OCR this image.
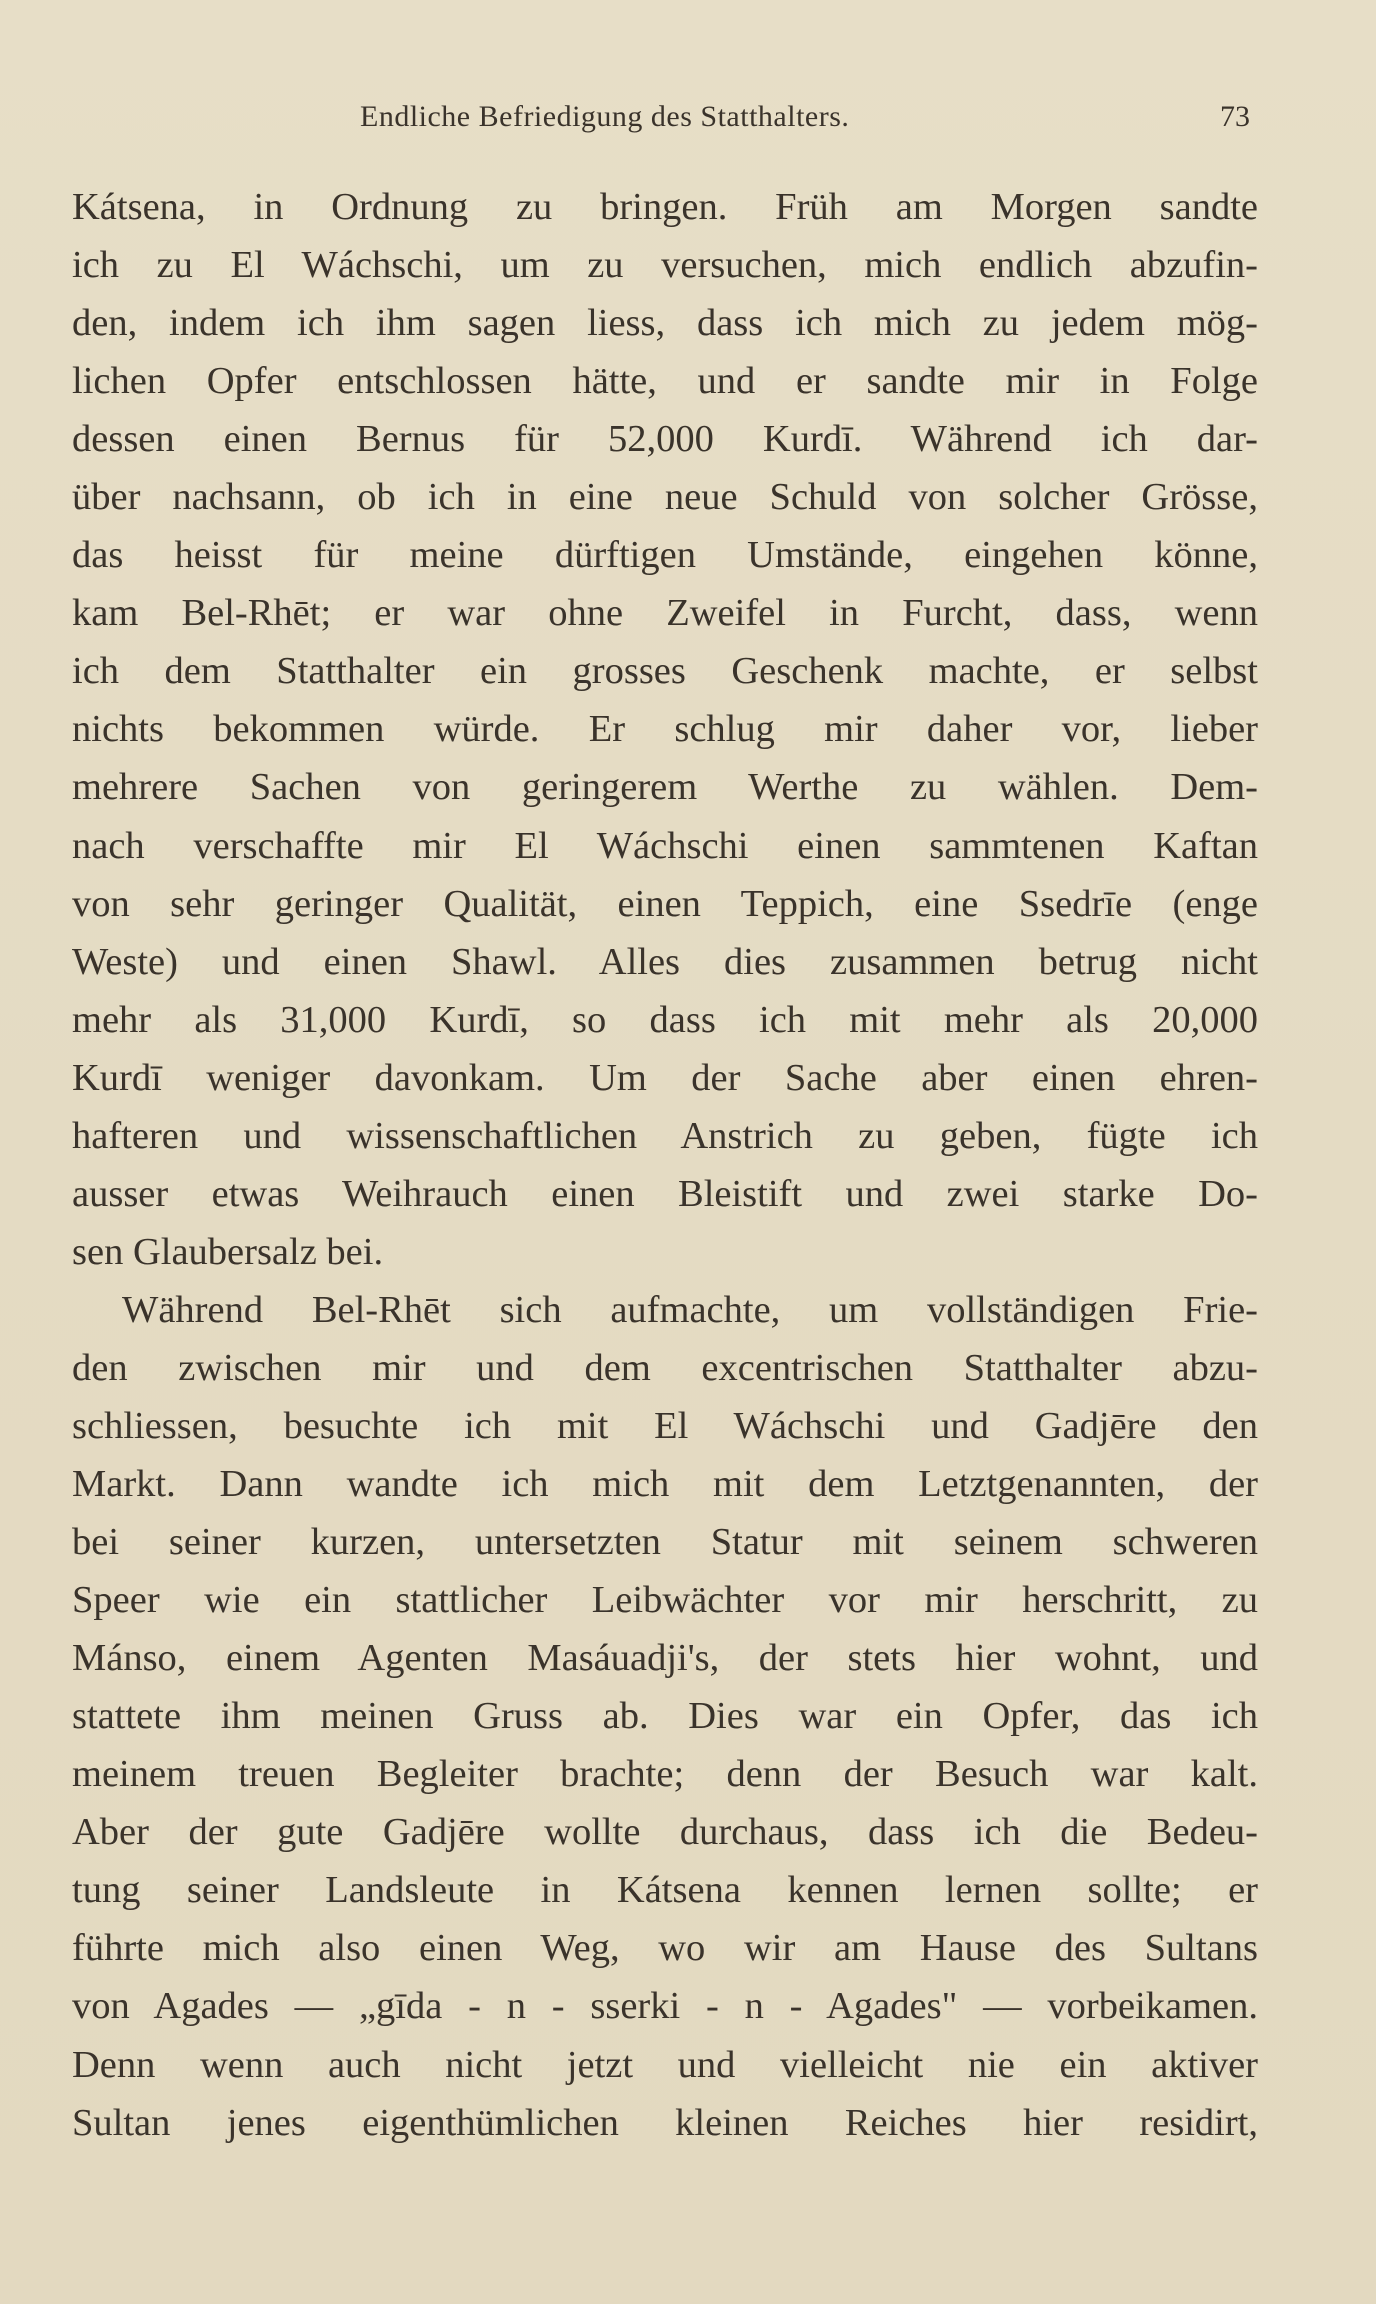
Endliche Befriedigung des Statthalters.	73
Kátsena, in Ordnung zu bringen. Früh am Morgen sandte
ich zu El Wáchschi, um zu versuchen, mich endlich abzufin-
den, indem ich ihm sagen liess, dass ich mich zu jedem mög-
lichen Opfer entschlossen hätte, und er sandte mir in Folge
dessen einen Bernus für 52,000 Kurdī. Während ich dar-
über nachsann, ob ich in eine neue Schuld von solcher Grösse,
das heisst für meine dürftigen Umstände, eingehen könne,
kam Bel-Rhēt; er war ohne Zweifel in Furcht, dass, wenn
ich dem Statthalter ein grosses Geschenk machte, er selbst
nichts bekommen würde. Er schlug mir daher vor, lieber
mehrere Sachen von geringerem Werthe zu wählen. Dem-
nach verschaffte mir El Wáchschi einen sammtenen Kaftan
von sehr geringer Qualität, einen Teppich, eine Ssedrīe (enge
Weste) und einen Shawl. Alles dies zusammen betrug nicht
mehr als 31,000 Kurdī, so dass ich mit mehr als 20,000
Kurdī weniger davonkam. Um der Sache aber einen ehren-
hafteren und wissenschaftlichen Anstrich zu geben, fügte ich
ausser etwas Weihrauch einen Bleistift und zwei starke Do-
sen Glaubersalz bei.
Während Bel-Rhēt sich aufmachte, um vollständigen Frie-
den zwischen mir und dem excentrischen Statthalter abzu-
schliessen, besuchte ich mit El Wáchschi und Gadjēre den
Markt. Dann wandte ich mich mit dem Letztgenannten, der
bei seiner kurzen, untersetzten Statur mit seinem schweren
Speer wie ein stattlicher Leibwächter vor mir herschritt, zu
Mánso, einem Agenten Masáuadji's, der stets hier wohnt, und
stattete ihm meinen Gruss ab. Dies war ein Opfer, das ich
meinem treuen Begleiter brachte; denn der Besuch war kalt.
Aber der gute Gadjēre wollte durchaus, dass ich die Bedeu-
tung seiner Landsleute in Kátsena kennen lernen sollte; er
führte mich also einen Weg, wo wir am Hause des Sultans
von Agades — „gīda - n - sserki - n - Agades" — vorbeikamen.
Denn wenn auch nicht jetzt und vielleicht nie ein aktiver
Sultan jenes eigenthümlichen kleinen Reiches hier residirt,
